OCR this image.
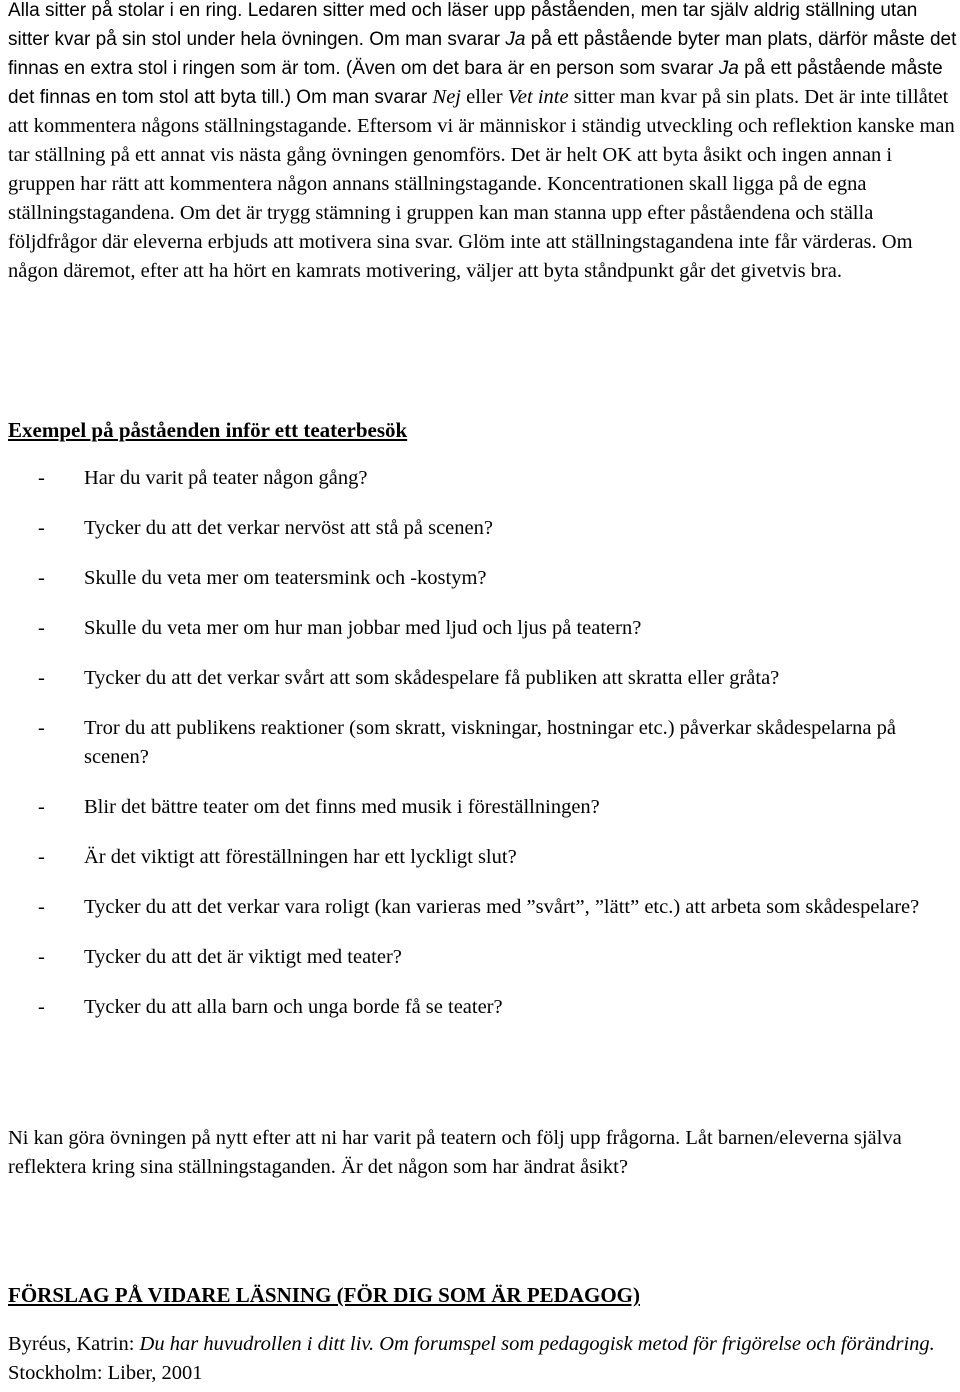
Alla sitter på stolar i en ring. Ledaren sitter med och läser upp påståenden, men tar själv aldrig ställning utan sitter kvar på sin stol under hela övningen. Om man svarar Ja på ett påstående byter man plats, därför måste det finnas en extra stol i ringen som är tom. (Även om det bara är en person som svarar Ja på ett påstående måste det finnas en tom stol att byta till.) Om man svarar Nej eller Vet inte sitter man kvar på sin plats. Det är inte tillåtet att kommentera någons ställningstagande. Eftersom vi är människor i ständig utveckling och reflektion kanske man tar ställning på ett annat vis nästa gång övningen genomförs. Det är helt OK att byta åsikt och ingen annan i gruppen har rätt att kommentera någon annans ställningstagande. Koncentrationen skall ligga på de egna ställningstagandena. Om det är trygg stämning i gruppen kan man stanna upp efter påståendena och ställa följdfrågor där eleverna erbjuds att motivera sina svar. Glöm inte att ställningstagandena inte får värderas. Om någon däremot, efter att ha hört en kamrats motivering, väljer att byta ståndpunkt går det givetvis bra.

Exempel på påståenden inför ett teaterbesök
-	Har du varit på teater någon gång?
-	Tycker du att det verkar nervöst att stå på scenen?
-	Skulle du veta mer om teatersmink och -kostym?
-	Skulle du veta mer om hur man jobbar med ljud och ljus på teatern?
-	Tycker du att det verkar svårt att som skådespelare få publiken att skratta eller gråta?
-	Tror du att publikens reaktioner (som skratt, viskningar, hostningar etc.) påverkar skådespelarna på scenen?
-	Blir det bättre teater om det finns med musik i föreställningen?
-	Är det viktigt att föreställningen har ett lyckligt slut?
-	Tycker du att det verkar vara roligt (kan varieras med ”svårt”, ”lätt” etc.) att arbeta som skådespelare?
-	Tycker du att det är viktigt med teater?
-	Tycker du att alla barn och unga borde få se teater?

Ni kan göra övningen på nytt efter att ni har varit på teatern och följ upp frågorna. Låt barnen/eleverna själva reflektera kring sina ställningstaganden. Är det någon som har ändrat åsikt?

FÖRSLAG PÅ VIDARE LÄSNING (FÖR DIG SOM ÄR PEDAGOG)

Byréus, Katrin: Du har huvudrollen i ditt liv. Om forumspel som pedagogisk metod för frigörelse och förändring. Stockholm: Liber, 2001
